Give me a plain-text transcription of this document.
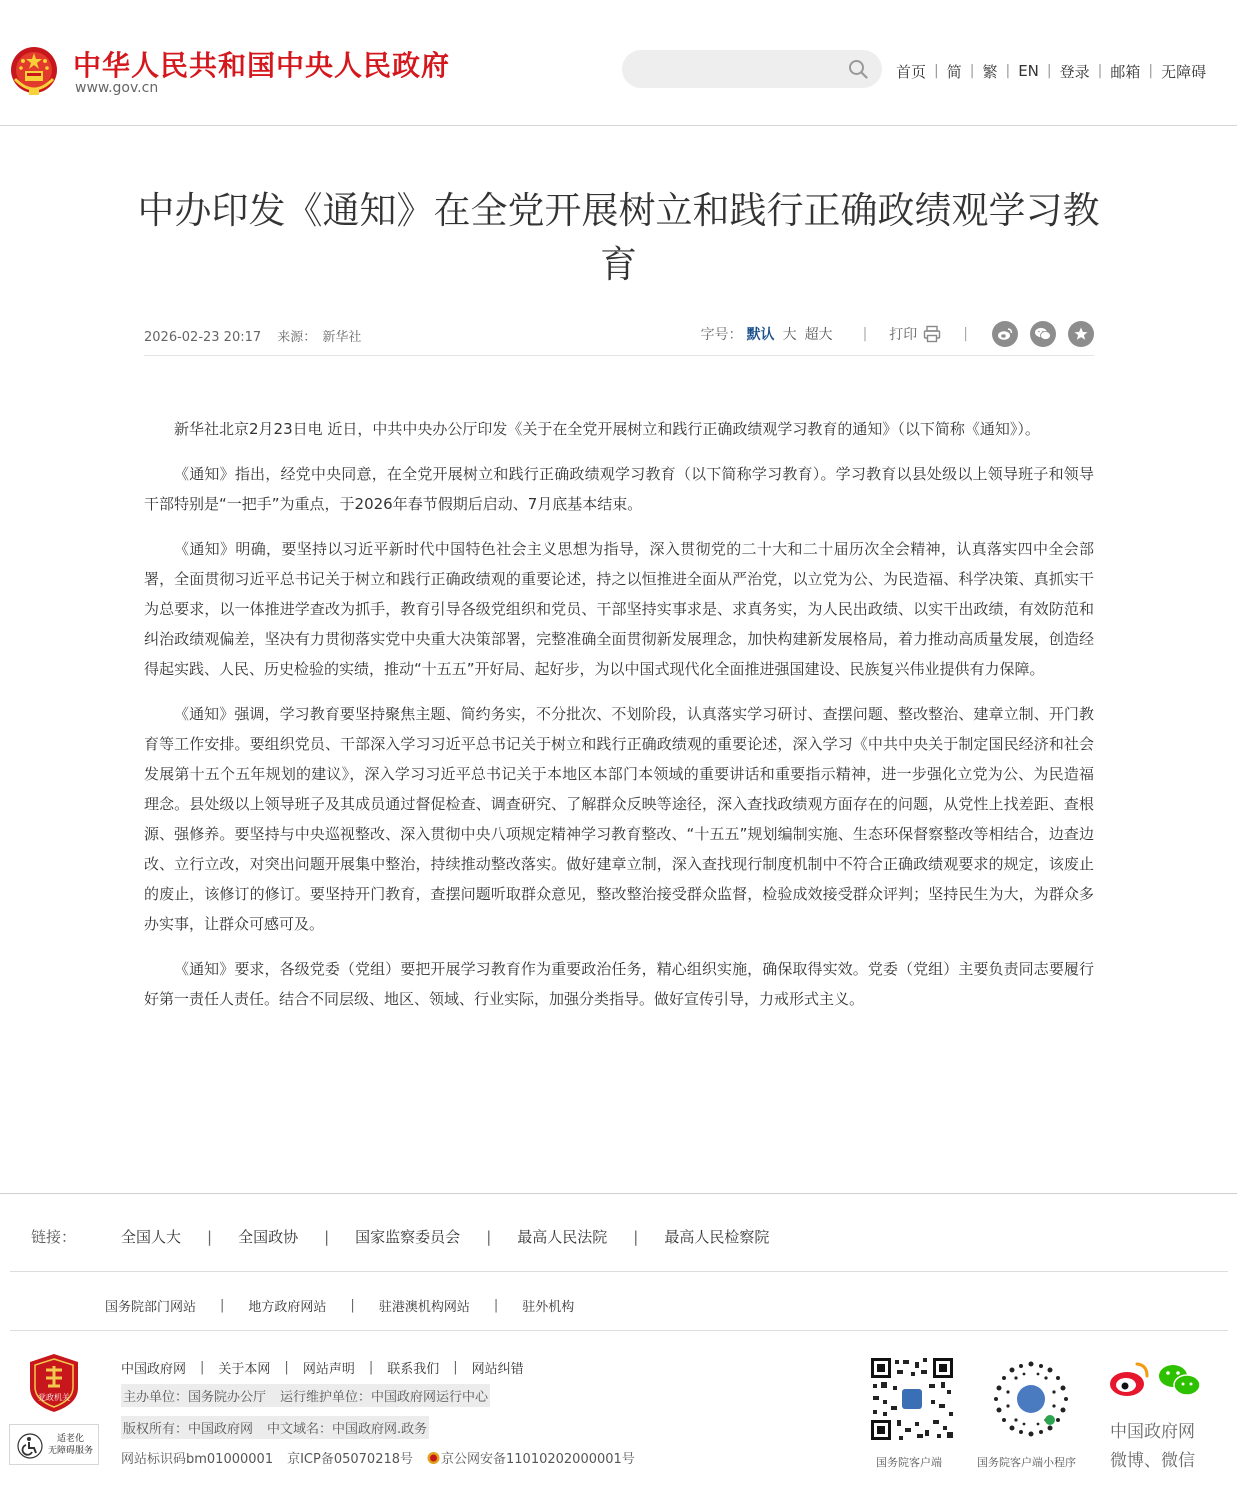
中华人民共和国中央人民政府
www.gov.cn
首页 | 简 | 繁 | EN | 登录 | 邮箱 | 无障碍
中办印发《通知》在全党开展树立和践行正确政绩观学习教育
2026-02-23 20:17 来源： 新华社	字号： 默认 大 超大 | 打印	|

新华社北京2月23日电 近日，中共中央办公厅印发《关于在全党开展树立和践行正确政绩观学习教育的通知》（以下简称《通知》）。

《通知》指出，经党中央同意，在全党开展树立和践行正确政绩观学习教育（以下简称学习教育）。学习教育以县处级以上领导班子和领导干部特别是“一把手”为重点，于2026年春节假期后启动、7月底基本结束。

《通知》明确，要坚持以习近平新时代中国特色社会主义思想为指导，深入贯彻党的二十大和二十届历次全会精神，认真落实四中全会部署，全面贯彻习近平总书记关于树立和践行正确政绩观的重要论述，持之以恒推进全面从严治党，以立党为公、为民造福、科学决策、真抓实干为总要求，以一体推进学查改为抓手，教育引导各级党组织和党员、干部坚持实事求是、求真务实，为人民出政绩、以实干出政绩，有效防范和纠治政绩观偏差，坚决有力贯彻落实党中央重大决策部署，完整准确全面贯彻新发展理念，加快构建新发展格局，着力推动高质量发展，创造经得起实践、人民、历史检验的实绩，推动“十五五”开好局、起好步，为以中国式现代化全面推进强国建设、民族复兴伟业提供有力保障。

《通知》强调，学习教育要坚持聚焦主题、简约务实，不分批次、不划阶段，认真落实学习研讨、查摆问题、整改整治、建章立制、开门教育等工作安排。要组织党员、干部深入学习习近平总书记关于树立和践行正确政绩观的重要论述，深入学习《中共中央关于制定国民经济和社会发展第十五个五年规划的建议》，深入学习习近平总书记关于本地区本部门本领域的重要讲话和重要指示精神，进一步强化立党为公、为民造福理念。县处级以上领导班子及其成员通过督促检查、调查研究、了解群众反映等途径，深入查找政绩观方面存在的问题，从党性上找差距、查根源、强修养。要坚持与中央巡视整改、深入贯彻中央八项规定精神学习教育整改、“十五五”规划编制实施、生态环保督察整改等相结合，边查边改、立行立改，对突出问题开展集中整治，持续推动整改落实。做好建章立制，深入查找现行制度机制中不符合正确政绩观要求的规定，该废止的废止，该修订的修订。要坚持开门教育，查摆问题听取群众意见，整改整治接受群众监督，检验成效接受群众评判；坚持民生为大，为群众多办实事，让群众可感可及。

《通知》要求，各级党委（党组）要把开展学习教育作为重要政治任务，精心组织实施，确保取得实效。党委（党组）主要负责同志要履行好第一责任人责任。结合不同层级、地区、领域、行业实际，加强分类指导。做好宣传引导，力戒形式主义。

链接：	全国人大 | 全国政协 | 国家监察委员会 | 最高人民法院 | 最高人民检察院
国务院部门网站 | 地方政府网站 | 驻港澳机构网站 | 驻外机构
党政机关
适老化
无障碍服务
中国政府网 | 关于本网 | 网站声明 | 联系我们 | 网站纠错
主办单位：国务院办公厅 运行维护单位：中国政府网运行中心
版权所有：中国政府网 中文域名：中国政府网.政务
网站标识码bm01000001 京ICP备05070218号 京公网安备11010202000001号	国务院客户端	国务院客户端小程序
中国政府网
微博、微信
